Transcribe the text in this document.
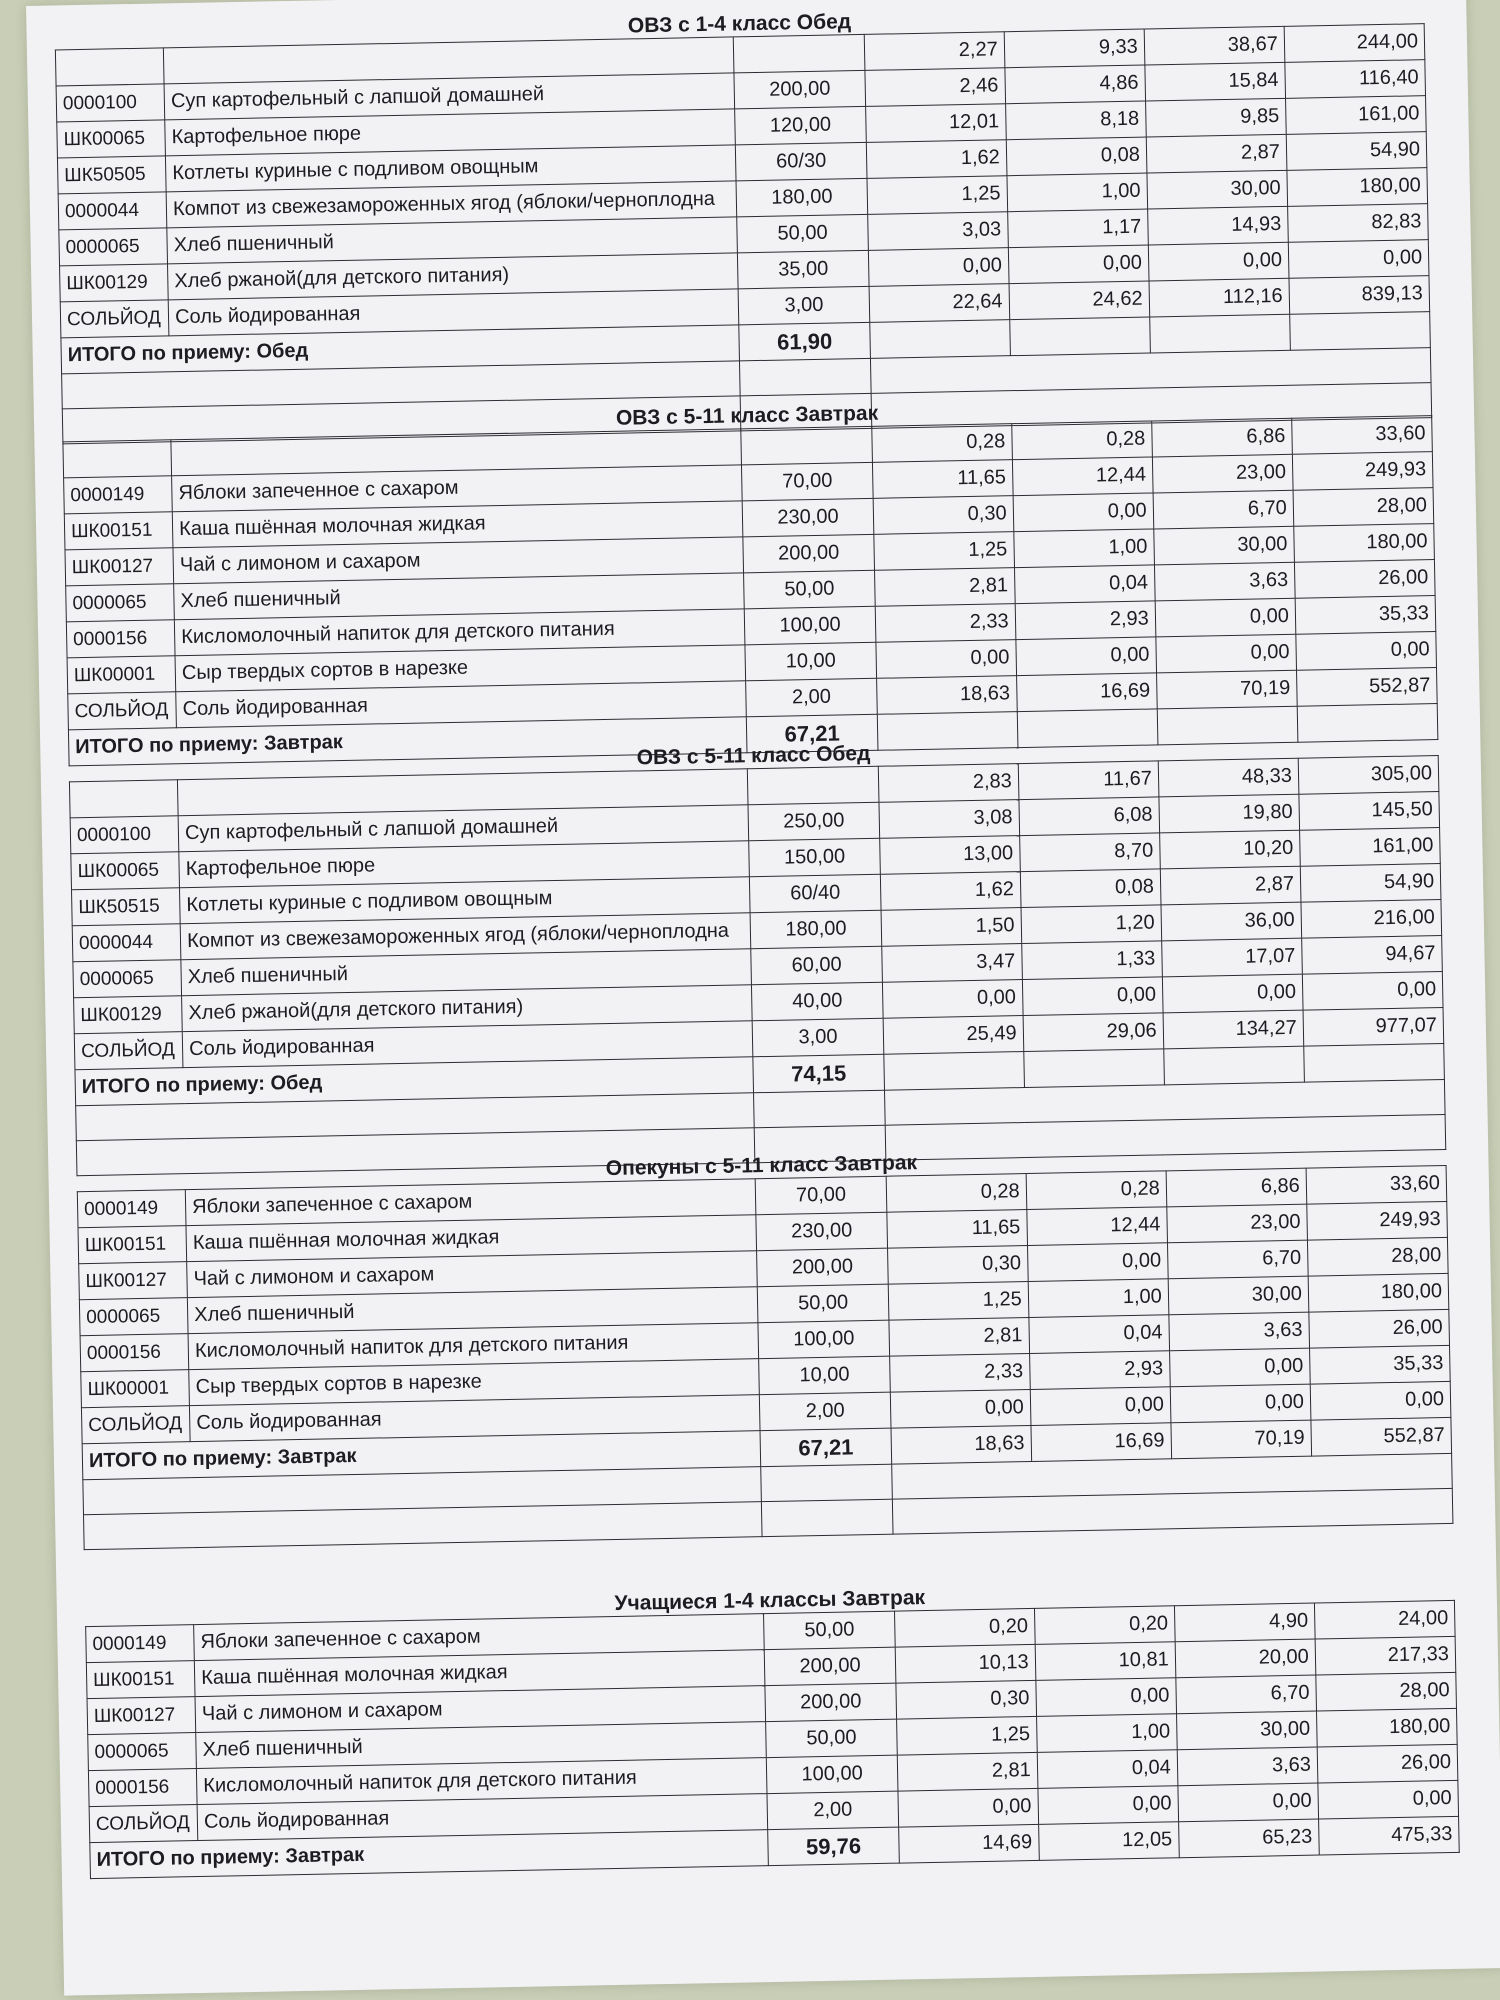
ОВЗ с 1-4 класс Обед
			2,27	9,33	38,67	244,00
0000100	Суп картофельный с лапшой домашней	200,00	2,46	4,86	15,84	116,40
ШК00065	Картофельное пюре	120,00	12,01	8,18	9,85	161,00
ШК50505	Котлеты куриные с подливом овощным	60/30	1,62	0,08	2,87	54,90
0000044	Компот из свежезамороженных ягод (яблоки/черноплодна	180,00	1,25	1,00	30,00	180,00
0000065	Хлеб пшеничный	50,00	3,03	1,17	14,93	82,83
ШК00129	Хлеб ржаной(для детского питания)	35,00	0,00	0,00	0,00	0,00
СОЛЬЙОД	Соль йодированная	3,00	22,64	24,62	112,16	839,13
ИТОГО по приему: Обед		61,90				

ОВЗ с 5-11 класс Завтрак
			0,28	0,28	6,86	33,60
0000149	Яблоки запеченное с сахаром	70,00	11,65	12,44	23,00	249,93
ШК00151	Каша пшённая молочная жидкая	230,00	0,30	0,00	6,70	28,00
ШК00127	Чай с лимоном и сахаром	200,00	1,25	1,00	30,00	180,00
0000065	Хлеб пшеничный	50,00	2,81	0,04	3,63	26,00
0000156	Кисломолочный напиток для детского питания	100,00	2,33	2,93	0,00	35,33
ШК00001	Сыр твердых сортов в нарезке	10,00	0,00	0,00	0,00	0,00
СОЛЬЙОД	Соль йодированная	2,00	18,63	16,69	70,19	552,87
ИТОГО по приему: Завтрак		67,21				
ОВЗ с 5-11 класс Обед
			2,83	11,67	48,33	305,00
0000100	Суп картофельный с лапшой домашней	250,00	3,08	6,08	19,80	145,50
ШК00065	Картофельное пюре	150,00	13,00	8,70	10,20	161,00
ШК50515	Котлеты куриные с подливом овощным	60/40	1,62	0,08	2,87	54,90
0000044	Компот из свежезамороженных ягод (яблоки/черноплодна	180,00	1,50	1,20	36,00	216,00
0000065	Хлеб пшеничный	60,00	3,47	1,33	17,07	94,67
ШК00129	Хлеб ржаной(для детского питания)	40,00	0,00	0,00	0,00	0,00
СОЛЬЙОД	Соль йодированная	3,00	25,49	29,06	134,27	977,07
ИТОГО по приему: Обед		74,15				

Опекуны с 5-11 класс Завтрак
0000149	Яблоки запеченное с сахаром	70,00	0,28	0,28	6,86	33,60
ШК00151	Каша пшённая молочная жидкая	230,00	11,65	12,44	23,00	249,93
ШК00127	Чай с лимоном и сахаром	200,00	0,30	0,00	6,70	28,00
0000065	Хлеб пшеничный	50,00	1,25	1,00	30,00	180,00
0000156	Кисломолочный напиток для детского питания	100,00	2,81	0,04	3,63	26,00
ШК00001	Сыр твердых сортов в нарезке	10,00	2,33	2,93	0,00	35,33
СОЛЬЙОД	Соль йодированная	2,00	0,00	0,00	0,00	0,00
ИТОГО по приему: Завтрак		67,21	18,63	16,69	70,19	552,87

Учащиеся 1-4 классы Завтрак
0000149	Яблоки запеченное с сахаром	50,00	0,20	0,20	4,90	24,00
ШК00151	Каша пшённая молочная жидкая	200,00	10,13	10,81	20,00	217,33
ШК00127	Чай с лимоном и сахаром	200,00	0,30	0,00	6,70	28,00
0000065	Хлеб пшеничный	50,00	1,25	1,00	30,00	180,00
0000156	Кисломолочный напиток для детского питания	100,00	2,81	0,04	3,63	26,00
СОЛЬЙОД	Соль йодированная	2,00	0,00	0,00	0,00	0,00
ИТОГО по приему: Завтрак		59,76	14,69	12,05	65,23	475,33
